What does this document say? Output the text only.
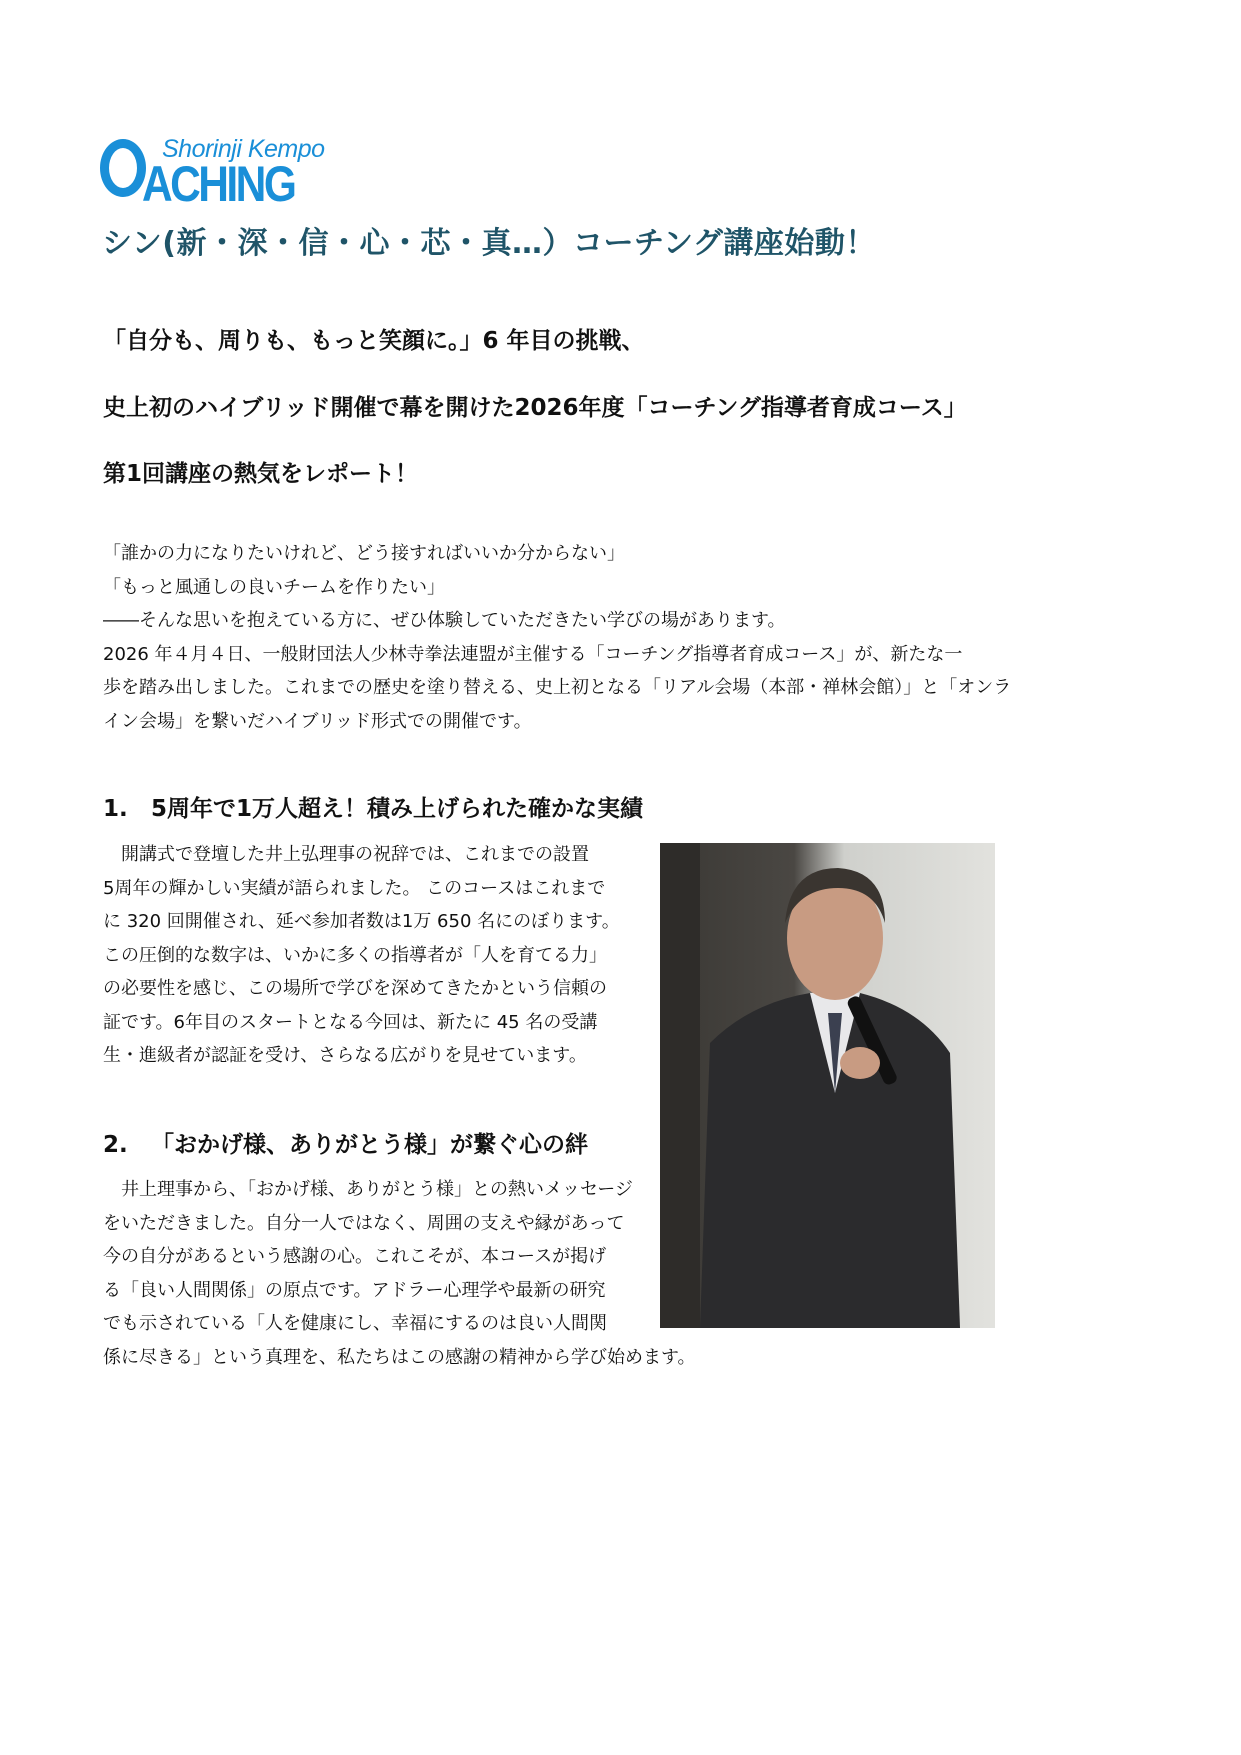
Shorinji Kempo
ACHING
シン(新・深・信・心・芯・真…）コーチング講座始動！
「自分も、周りも、もっと笑顔に。」6 年目の挑戦、
史上初のハイブリッド開催で幕を開けた2026年度「コーチング指導者育成コース」
第1回講座の熱気をレポート！
「誰かの力になりたいけれど、どう接すればいいか分からない」
「もっと風通しの良いチームを作りたい」
――そんな思いを抱えている方に、ぜひ体験していただきたい学びの場があります。
2026 年４月４日、一般財団法人少林寺拳法連盟が主催する「コーチング指導者育成コース」が、新たな一
歩を踏み出しました。これまでの歴史を塗り替える、史上初となる「リアル会場（本部・禅林会館）」と「オンラ
イン会場」を繋いだハイブリッド形式での開催です。
1. 5周年で1万人超え！積み上げられた確かな実績
　開講式で登壇した井上弘理事の祝辞では、これまでの設置
5周年の輝かしい実績が語られました。 このコースはこれまで
に 320 回開催され、延べ参加者数は1万 650 名にのぼります。
この圧倒的な数字は、いかに多くの指導者が「人を育てる力」
の必要性を感じ、この場所で学びを深めてきたかという信頼の
証です。6年目のスタートとなる今回は、新たに 45 名の受講
生・進級者が認証を受け、さらなる広がりを見せています。
2. 「おかげ様、ありがとう様」が繋ぐ心の絆
　井上理事から、「おかげ様、ありがとう様」との熱いメッセージ
をいただきました。自分一人ではなく、周囲の支えや縁があって
今の自分があるという感謝の心。これこそが、本コースが掲げ
る「良い人間関係」の原点です。アドラー心理学や最新の研究
でも示されている「人を健康にし、幸福にするのは良い人間関
係に尽きる」という真理を、私たちはこの感謝の精神から学び始めます。
